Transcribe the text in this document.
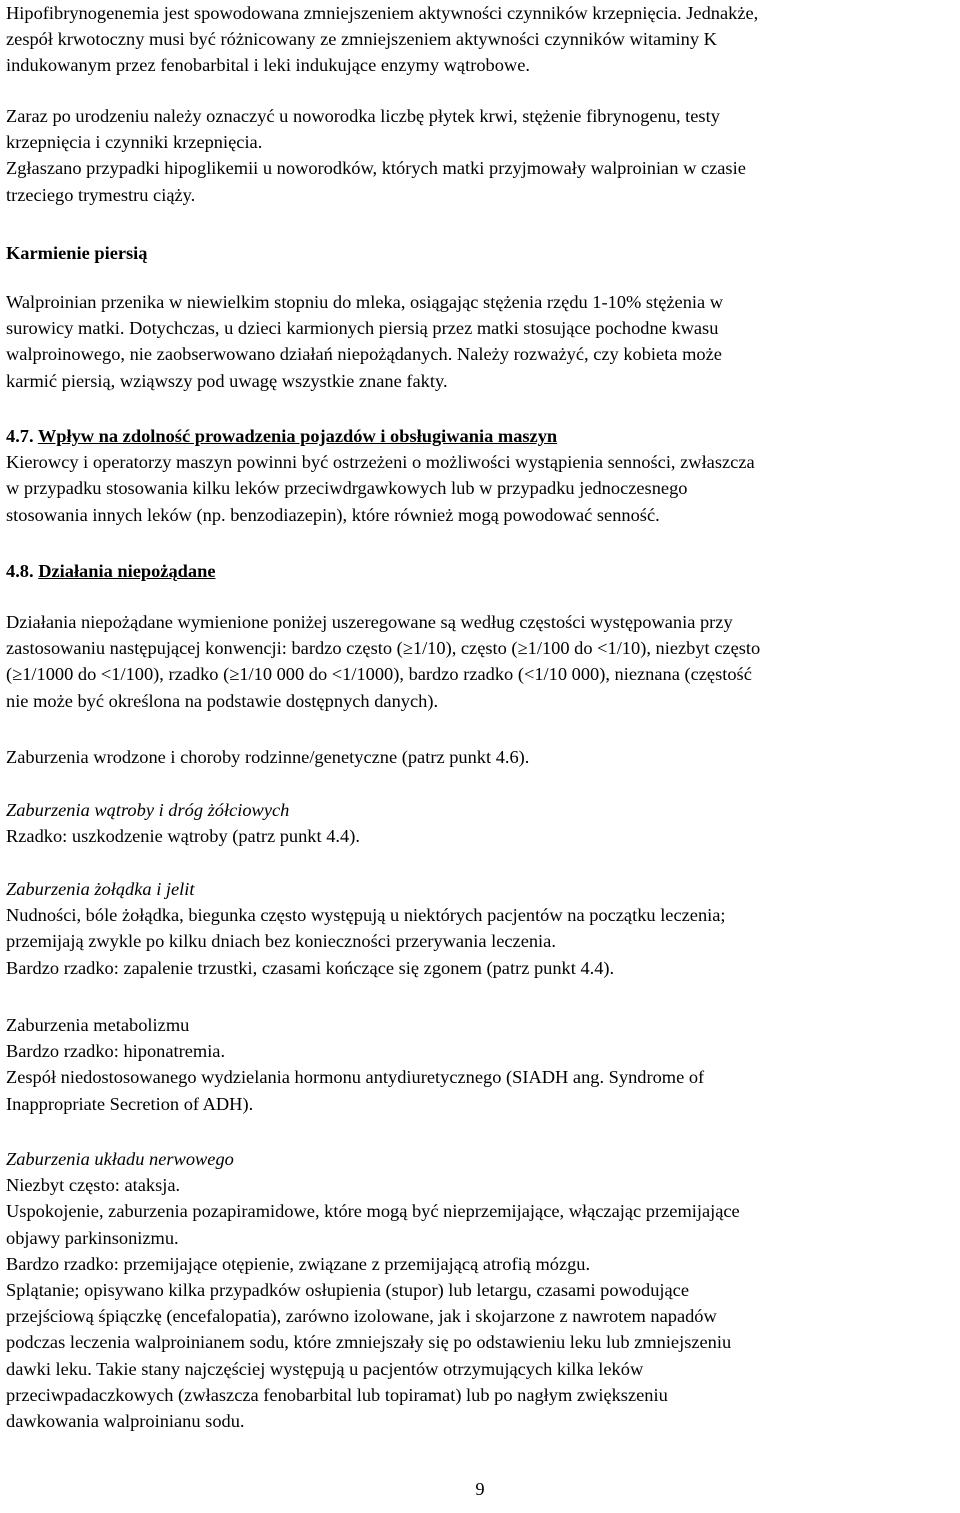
Hipofibrynogenemia jest spowodowana zmniejszeniem aktywności czynników krzepnięcia. Jednakże,
zespół krwotoczny musi być różnicowany ze zmniejszeniem aktywności czynników witaminy K
indukowanym przez fenobarbital i leki indukujące enzymy wątrobowe.
Zaraz po urodzeniu należy oznaczyć u noworodka liczbę płytek krwi, stężenie fibrynogenu, testy
krzepnięcia i czynniki krzepnięcia.
Zgłaszano przypadki hipoglikemii u noworodków, których matki przyjmowały walproinian w czasie
trzeciego trymestru ciąży.
Karmienie piersią
Walproinian przenika w niewielkim stopniu do mleka, osiągając stężenia rzędu 1-10% stężenia w
surowicy matki. Dotychczas, u dzieci karmionych piersią przez matki stosujące pochodne kwasu
walproinowego, nie zaobserwowano działań niepożądanych. Należy rozważyć, czy kobieta może
karmić piersią, wziąwszy pod uwagę wszystkie znane fakty.
4.7. Wpływ na zdolność prowadzenia pojazdów i obsługiwania maszyn
Kierowcy i operatorzy maszyn powinni być ostrzeżeni o możliwości wystąpienia senności, zwłaszcza
w przypadku stosowania kilku leków przeciwdrgawkowych lub w przypadku jednoczesnego
stosowania innych leków (np. benzodiazepin), które również mogą powodować senność.
4.8. Działania niepożądane
Działania niepożądane wymienione poniżej uszeregowane są według częstości występowania przy
zastosowaniu następującej konwencji: bardzo często (≥1/10), często (≥1/100 do <1/10), niezbyt często
(≥1/1000 do <1/100), rzadko (≥1/10 000 do <1/1000), bardzo rzadko (<1/10 000), nieznana (częstość
nie może być określona na podstawie dostępnych danych).
Zaburzenia wrodzone i choroby rodzinne/genetyczne (patrz punkt 4.6).
Zaburzenia wątroby i dróg żółciowych
Rzadko: uszkodzenie wątroby (patrz punkt 4.4).
Zaburzenia żołądka i jelit
Nudności, bóle żołądka, biegunka często występują u niektórych pacjentów na początku leczenia;
przemijają zwykle po kilku dniach bez konieczności przerywania leczenia.
Bardzo rzadko: zapalenie trzustki, czasami kończące się zgonem (patrz punkt 4.4).
Zaburzenia metabolizmu
Bardzo rzadko: hiponatremia.
Zespół niedostosowanego wydzielania hormonu antydiuretycznego (SIADH ang. Syndrome of
Inappropriate Secretion of ADH).
Zaburzenia układu nerwowego
Niezbyt często: ataksja.
Uspokojenie, zaburzenia pozapiramidowe, które mogą być nieprzemijające, włączając przemijające
objawy parkinsonizmu.
Bardzo rzadko: przemijające otępienie, związane z przemijającą atrofią mózgu.
Splątanie; opisywano kilka przypadków osłupienia (stupor) lub letargu, czasami powodujące
przejściową śpiączkę (encefalopatia), zarówno izolowane, jak i skojarzone z nawrotem napadów
podczas leczenia walproinianem sodu, które zmniejszały się po odstawieniu leku lub zmniejszeniu
dawki leku. Takie stany najczęściej występują u pacjentów otrzymujących kilka leków
przeciwpadaczkowych (zwłaszcza fenobarbital lub topiramat) lub po nagłym zwiększeniu
dawkowania walproinianu sodu.
9
